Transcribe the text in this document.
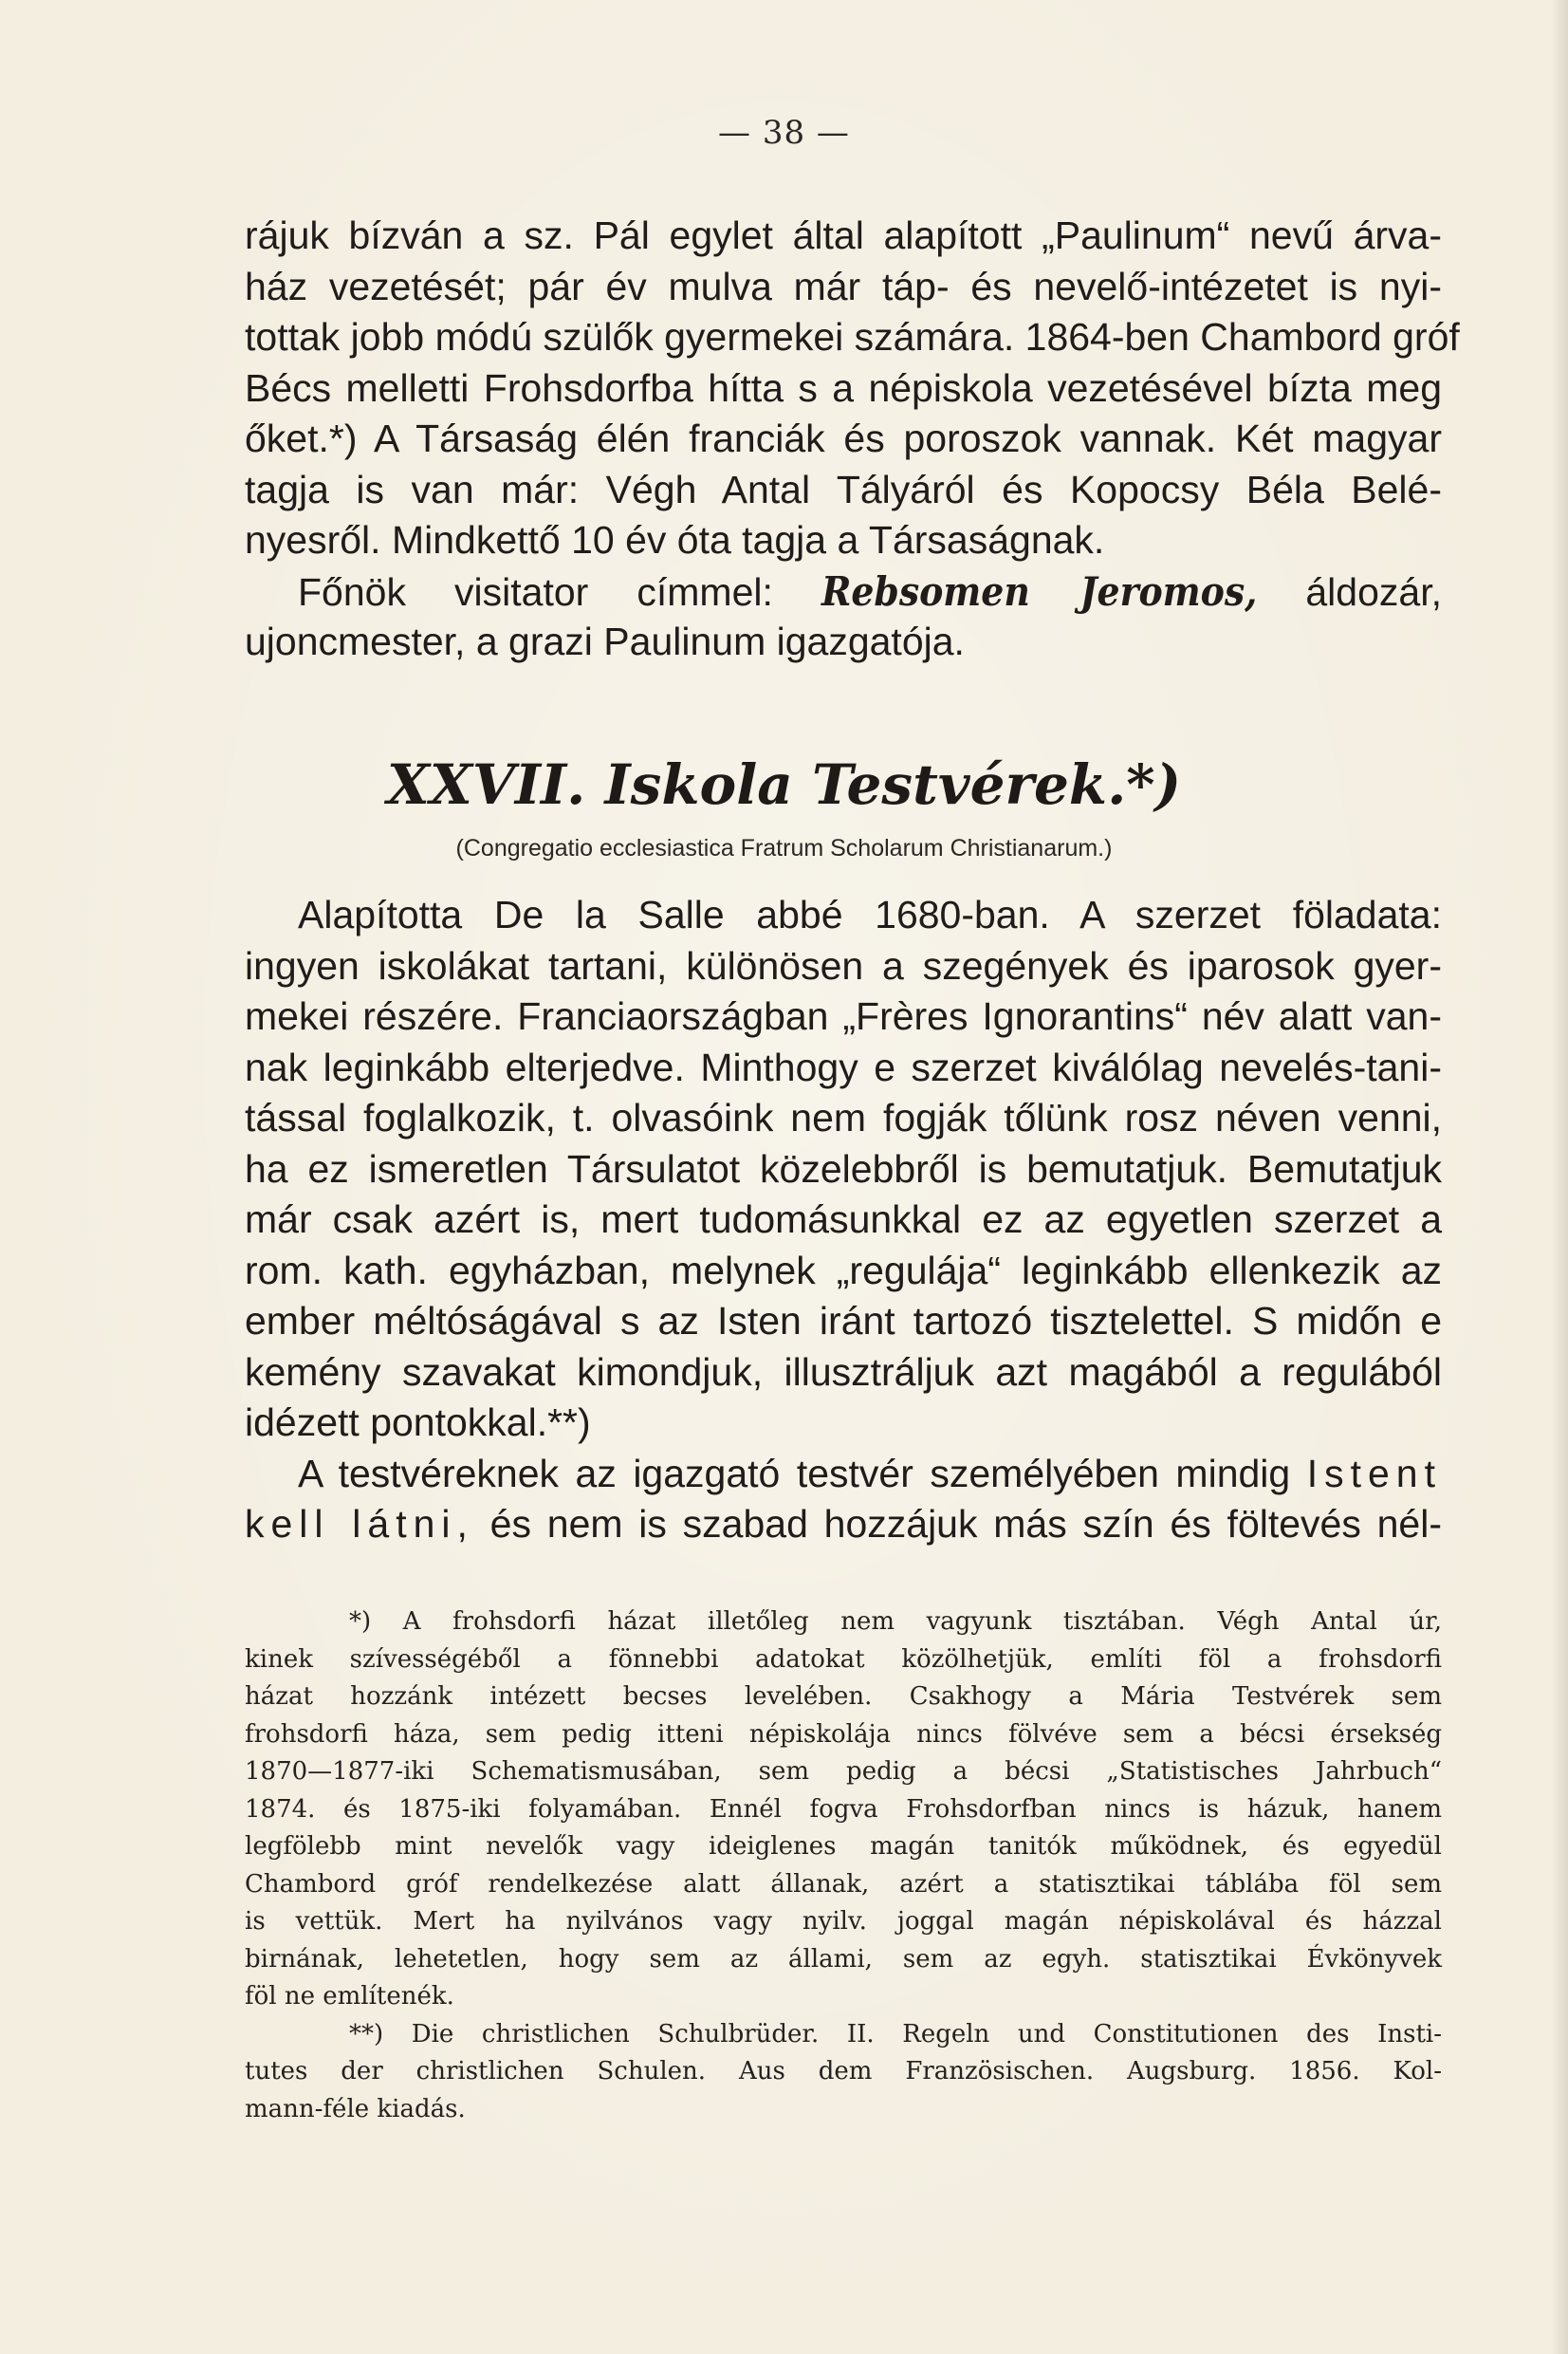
— 38 —
rájuk bízván a sz. Pál egylet által alapított „Paulinum“ nevű árva-
ház vezetését; pár év mulva már táp- és nevelő-intézetet is nyi-
tottak jobb módú szülők gyermekei számára. 1864-ben Chambord gróf
Bécs melletti Frohsdorfba hítta s a népiskola vezetésével bízta meg
őket.*) A Társaság élén franciák és poroszok vannak. Két magyar
tagja is van már: Végh Antal Tályáról és Kopocsy Béla Belé-
nyesről. Mindkettő 10 év óta tagja a Társaságnak.
Főnök visitator címmel: Rebsomen Jeromos, áldozár,
ujoncmester, a grazi Paulinum igazgatója.
XXVII. Iskola Testvérek.*)
(Congregatio ecclesiastica Fratrum Scholarum Christianarum.)
Alapította De la Salle abbé 1680-ban. A szerzet föladata:
ingyen iskolákat tartani, különösen a szegények és iparosok gyer-
mekei részére. Franciaországban „Frères Ignorantins“ név alatt van-
nak leginkább elterjedve. Minthogy e szerzet kiválólag nevelés-tani-
tással foglalkozik, t. olvasóink nem fogják tőlünk rosz néven venni,
ha ez ismeretlen Társulatot közelebbről is bemutatjuk. Bemutatjuk
már csak azért is, mert tudomásunkkal ez az egyetlen szerzet a
rom. kath. egyházban, melynek „regulája“ leginkább ellenkezik az
ember méltóságával s az Isten iránt tartozó tisztelettel. S midőn e
kemény szavakat kimondjuk, illusztráljuk azt magából a regulából
idézett pontokkal.**)
A testvéreknek az igazgató testvér személyében mindig Istent
kell látni, és nem is szabad hozzájuk más szín és föltevés nél-
*) A frohsdorfi házat illetőleg nem vagyunk tisztában. Végh Antal úr,
kinek szívességéből a fönnebbi adatokat közölhetjük, említi föl a frohsdorfi
házat hozzánk intézett becses levelében. Csakhogy a Mária Testvérek sem
frohsdorfi háza, sem pedig itteni népiskolája nincs fölvéve sem a bécsi érsekség
1870—1877-iki Schematismusában, sem pedig a bécsi „Statistisches Jahrbuch“
1874. és 1875-iki folyamában. Ennél fogva Frohsdorfban nincs is házuk, hanem
legfölebb mint nevelők vagy ideiglenes magán tanitók működnek, és egyedül
Chambord gróf rendelkezése alatt állanak, azért a statisztikai táblába föl sem
is vettük. Mert ha nyilvános vagy nyilv. joggal magán népiskolával és házzal
birnának, lehetetlen, hogy sem az állami, sem az egyh. statisztikai Évkönyvek
föl ne említenék.
**) Die christlichen Schulbrüder. II. Regeln und Constitutionen des Insti-
tutes der christlichen Schulen. Aus dem Französischen. Augsburg. 1856. Kol-
mann-féle kiadás.
